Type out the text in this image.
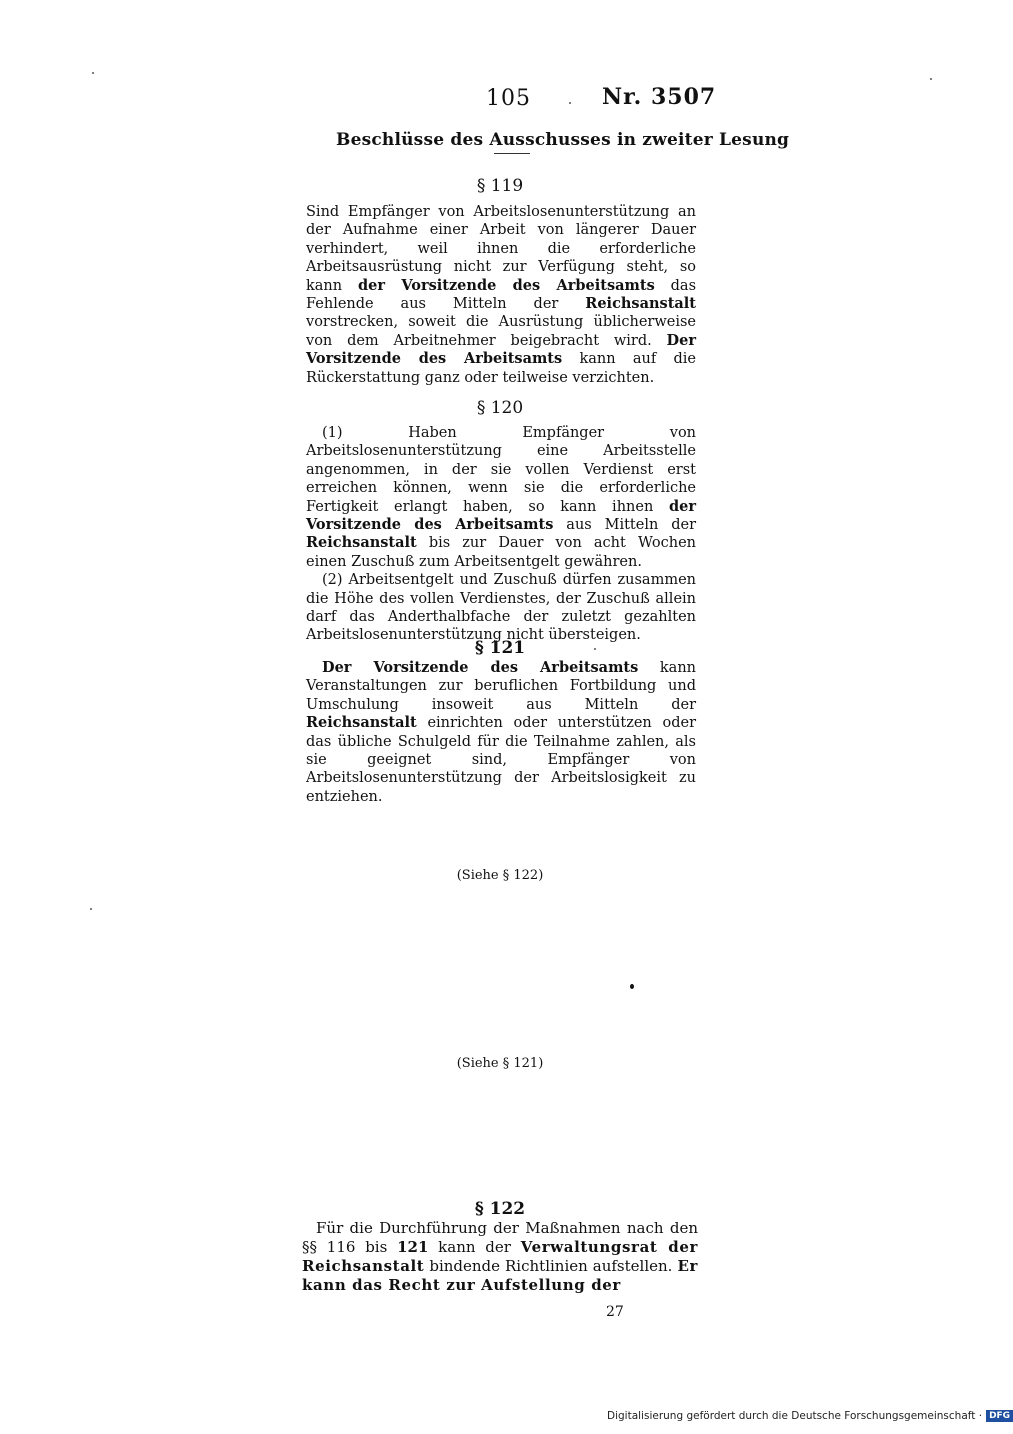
105	Nr. 3507
Beschlüsse des Ausschusses in zweiter Lesung
§ 119
Sind Empfänger von Arbeitslosenunterstützung an der Aufnahme einer Arbeit von längerer Dauer verhindert, weil ihnen die erforderliche Arbeitsausrüstung nicht zur Verfügung steht, so kann der Vorsitzende des Arbeitsamts das Fehlende aus Mitteln der Reichsanstalt vorstrecken, soweit die Ausrüstung üblicherweise von dem Arbeitnehmer beigebracht wird. Der Vorsitzende des Arbeitsamts kann auf die Rückerstattung ganz oder teilweise verzichten.
§ 120
(1)	Haben Empfänger von Arbeitslosenunterstützung eine Arbeitsstelle angenommen, in der sie vollen Verdienst erst erreichen können, wenn sie die erforderliche Fertigkeit erlangt haben, so kann ihnen der Vorsitzende des Arbeitsamts aus Mitteln der Reichsanstalt bis zur Dauer von acht Wochen einen Zuschuß zum Arbeitsentgelt gewähren.
(2) Arbeitsentgelt und Zuschuß dürfen zusammen die Höhe des vollen Verdienstes, der Zuschuß allein darf das Anderthalbfache der zuletzt gezahlten Arbeitslosenunterstützung nicht übersteigen.
§ 121
Der Vorsitzende des Arbeitsamts kann Veranstaltungen zur beruflichen Fortbildung und Umschulung insoweit aus Mitteln der Reichsanstalt einrichten oder unterstützen oder das übliche Schulgeld für die Teilnahme zahlen, als sie geeignet sind, Empfänger von Arbeitslosenunterstützung der Arbeitslosigkeit zu entziehen.
(Siehe § 122)
(Siehe § 121)
§ 122
Für die Durchführung der Maßnahmen nach den §§ 116 bis 121 kann der Verwaltungsrat der Reichsanstalt bindende Richtlinien aufstellen. Er kann das Recht zur Aufstellung der
27
Digitalisierung gefördert durch die Deutsche Forschungsgemeinschaft · DFG
